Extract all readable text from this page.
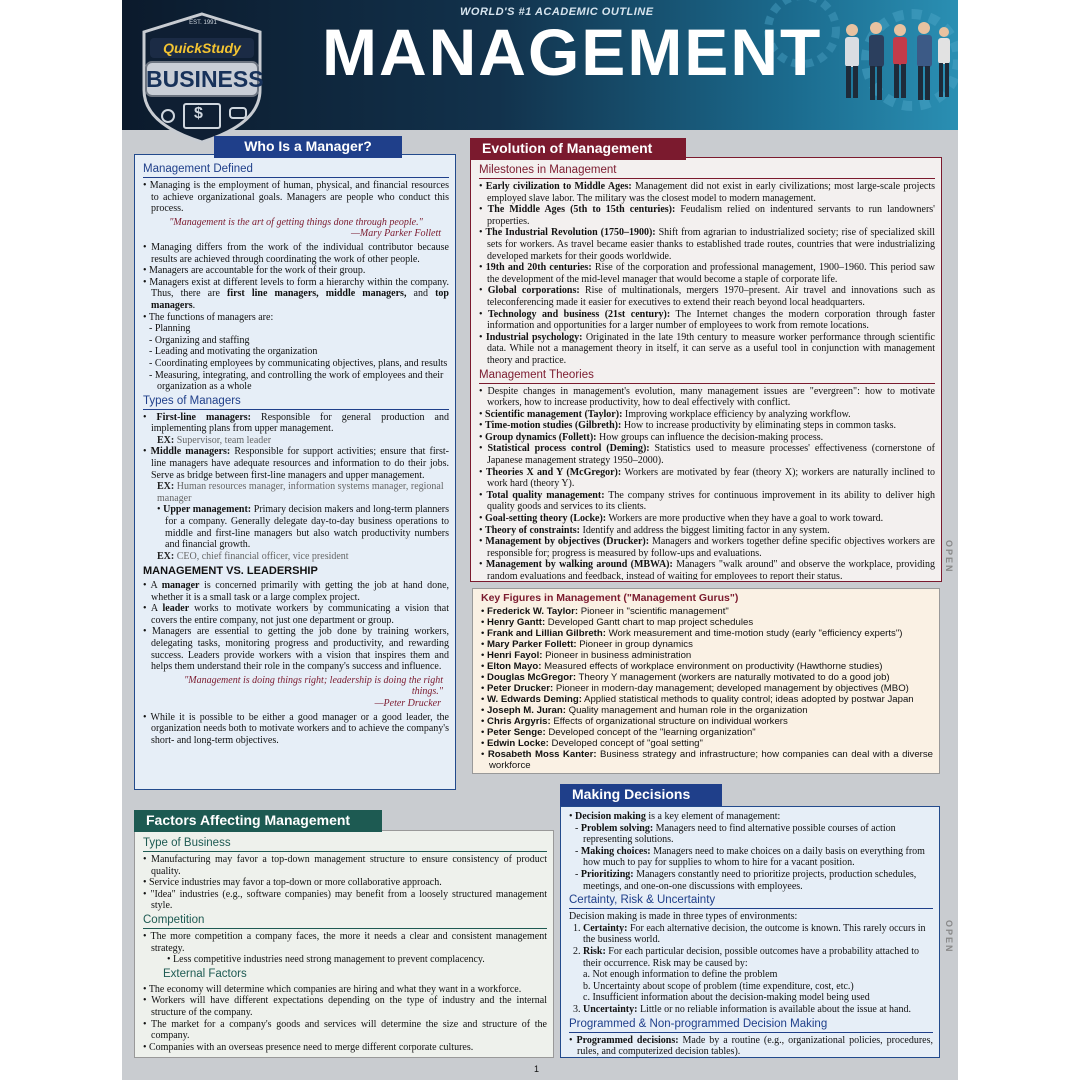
WORLD'S #1 ACADEMIC OUTLINE
MANAGEMENT
EST. 1991
QuickStudy
BUSINESS
$
Management Defined
• Managing is the employment of human, physical, and financial resources to achieve organizational goals. Managers are people who conduct this process.
"Management is the art of getting things done through people."
—Mary Parker Follett
• Managing differs from the work of the individual contributor because results are achieved through coordinating the work of other people.
• Managers are accountable for the work of their group.
• Managers exist at different levels to form a hierarchy within the company. Thus, there are first line managers, middle managers, and top managers.
• The functions of managers are:
- Planning
- Organizing and staffing
- Leading and motivating the organization
- Coordinating employees by communicating objectives, plans, and results
- Measuring, integrating, and controlling the work of employees and their organization as a whole
Types of Managers
• First-line managers: Responsible for general production and implementing plans from upper management.
EX: Supervisor, team leader
• Middle managers: Responsible for support activities; ensure that first-line managers have adequate resources and information to do their jobs. Serve as bridge between first-line managers and upper management.
EX: Human resources manager, information systems manager, regional manager
• Upper management: Primary decision makers and long-term planners for a company. Generally delegate day-to-day business operations to middle and first-line managers but also watch productivity numbers and financial growth.
EX: CEO, chief financial officer, vice president
MANAGEMENT VS. LEADERSHIP
• A manager is concerned primarily with getting the job at hand done, whether it is a small task or a large complex project.
• A leader works to motivate workers by communicating a vision that covers the entire company, not just one department or group.
• Managers are essential to getting the job done by training workers, delegating tasks, monitoring progress and productivity, and rewarding success. Leaders provide workers with a vision that inspires them and helps them understand their role in the company's success and influence.
"Management is doing things right; leadership is doing the right things."
—Peter Drucker
• While it is possible to be either a good manager or a good leader, the organization needs both to motivate workers and to achieve the company's short- and long-term objectives.
Who Is a Manager?
Milestones in Management
• Early civilization to Middle Ages: Management did not exist in early civilizations; most large-scale projects employed slave labor. The military was the closest model to modern management.
• The Middle Ages (5th to 15th centuries): Feudalism relied on indentured servants to run landowners' properties.
• The Industrial Revolution (1750–1900): Shift from agrarian to industrialized society; rise of specialized skill sets for workers. As travel became easier thanks to established trade routes, countries that were industrializing developed markets for their goods worldwide.
• 19th and 20th centuries: Rise of the corporation and professional management, 1900–1960. This period saw the development of the mid-level manager that would become a staple of corporate life.
• Global corporations: Rise of multinationals, mergers 1970–present. Air travel and innovations such as teleconferencing made it easier for executives to extend their reach beyond local headquarters.
• Technology and business (21st century): The Internet changes the modern corporation through faster information and opportunities for a larger number of employees to work from remote locations.
• Industrial psychology: Originated in the late 19th century to measure worker performance through scientific data. While not a management theory in itself, it can serve as a useful tool in conjunction with management theory and practice.
Management Theories
• Despite changes in management's evolution, many management issues are "evergreen": how to motivate workers, how to increase productivity, how to deal effectively with conflict.
• Scientific management (Taylor): Improving workplace efficiency by analyzing workflow.
• Time-motion studies (Gilbreth): How to increase productivity by eliminating steps in common tasks.
• Group dynamics (Follett): How groups can influence the decision-making process.
• Statistical process control (Deming): Statistics used to measure processes' effectiveness (cornerstone of Japanese management strategy 1950–2000).
• Theories X and Y (McGregor): Workers are motivated by fear (theory X); workers are naturally inclined to work hard (theory Y).
• Total quality management: The company strives for continuous improvement in its ability to deliver high quality goods and services to its clients.
• Goal-setting theory (Locke): Workers are more productive when they have a goal to work toward.
• Theory of constraints: Identify and address the biggest limiting factor in any system.
• Management by objectives (Drucker): Managers and workers together define specific objectives workers are responsible for; progress is measured by follow-ups and evaluations.
• Management by walking around (MBWA): Managers "walk around" and observe the workplace, providing random evaluations and feedback, instead of waiting for employees to report their status.
Evolution of Management
Key Figures in Management ("Management Gurus")
• Frederick W. Taylor: Pioneer in "scientific management"
• Henry Gantt: Developed Gantt chart to map project schedules
• Frank and Lillian Gilbreth: Work measurement and time-motion study (early "efficiency experts")
• Mary Parker Follett: Pioneer in group dynamics
• Henri Fayol: Pioneer in business administration
• Elton Mayo: Measured effects of workplace environment on productivity (Hawthorne studies)
• Douglas McGregor: Theory Y management (workers are naturally motivated to do a good job)
• Peter Drucker: Pioneer in modern-day management; developed management by objectives (MBO)
• W. Edwards Deming: Applied statistical methods to quality control; ideas adopted by postwar Japan
• Joseph M. Juran: Quality management and human role in the organization
• Chris Argyris: Effects of organizational structure on individual workers
• Peter Senge: Developed concept of the "learning organization"
• Edwin Locke: Developed concept of "goal setting"
• Rosabeth Moss Kanter: Business strategy and infrastructure; how companies can deal with a diverse workforce
Type of Business
• Manufacturing may favor a top-down management structure to ensure consistency of product quality.
• Service industries may favor a top-down or more collaborative approach.
• "Idea" industries (e.g., software companies) may benefit from a loosely structured management style.
Competition
• The more competition a company faces, the more it needs a clear and consistent management strategy.
• Less competitive industries need strong management to prevent complacency.
External Factors
• The economy will determine which companies are hiring and what they want in a workforce.
• Workers will have different expectations depending on the type of industry and the internal structure of the company.
• The market for a company's goods and services will determine the size and structure of the company.
• Companies with an overseas presence need to merge different corporate cultures.
Factors Affecting Management
•	Decision making is a key element of management:
- Problem solving: Managers need to find alternative possible courses of action representing solutions.
- Making choices: Managers need to make choices on a daily basis on everything from how much to pay for supplies to whom to hire for a vacant position.
- Prioritizing: Managers constantly need to prioritize projects, production schedules, meetings, and one-on-one discussions with employees.
Certainty, Risk & Uncertainty
Decision making is made in three types of environments:
1. Certainty: For each alternative decision, the outcome is known. This rarely occurs in the business world.
2. Risk: For each particular decision, possible outcomes have a probability attached to their occurrence. Risk may be caused by:
a. Not enough information to define the problem
b. Uncertainty about scope of problem (time expenditure, cost, etc.)
c. Insufficient information about the decision-making model being used
3. Uncertainty: Little or no reliable information is available about the issue at hand.
Programmed & Non-programmed Decision Making
• Programmed decisions: Made by a routine (e.g., organizational policies, procedures, rules, and computerized decision tables).
Making Decisions
OPEN
OPEN
1
